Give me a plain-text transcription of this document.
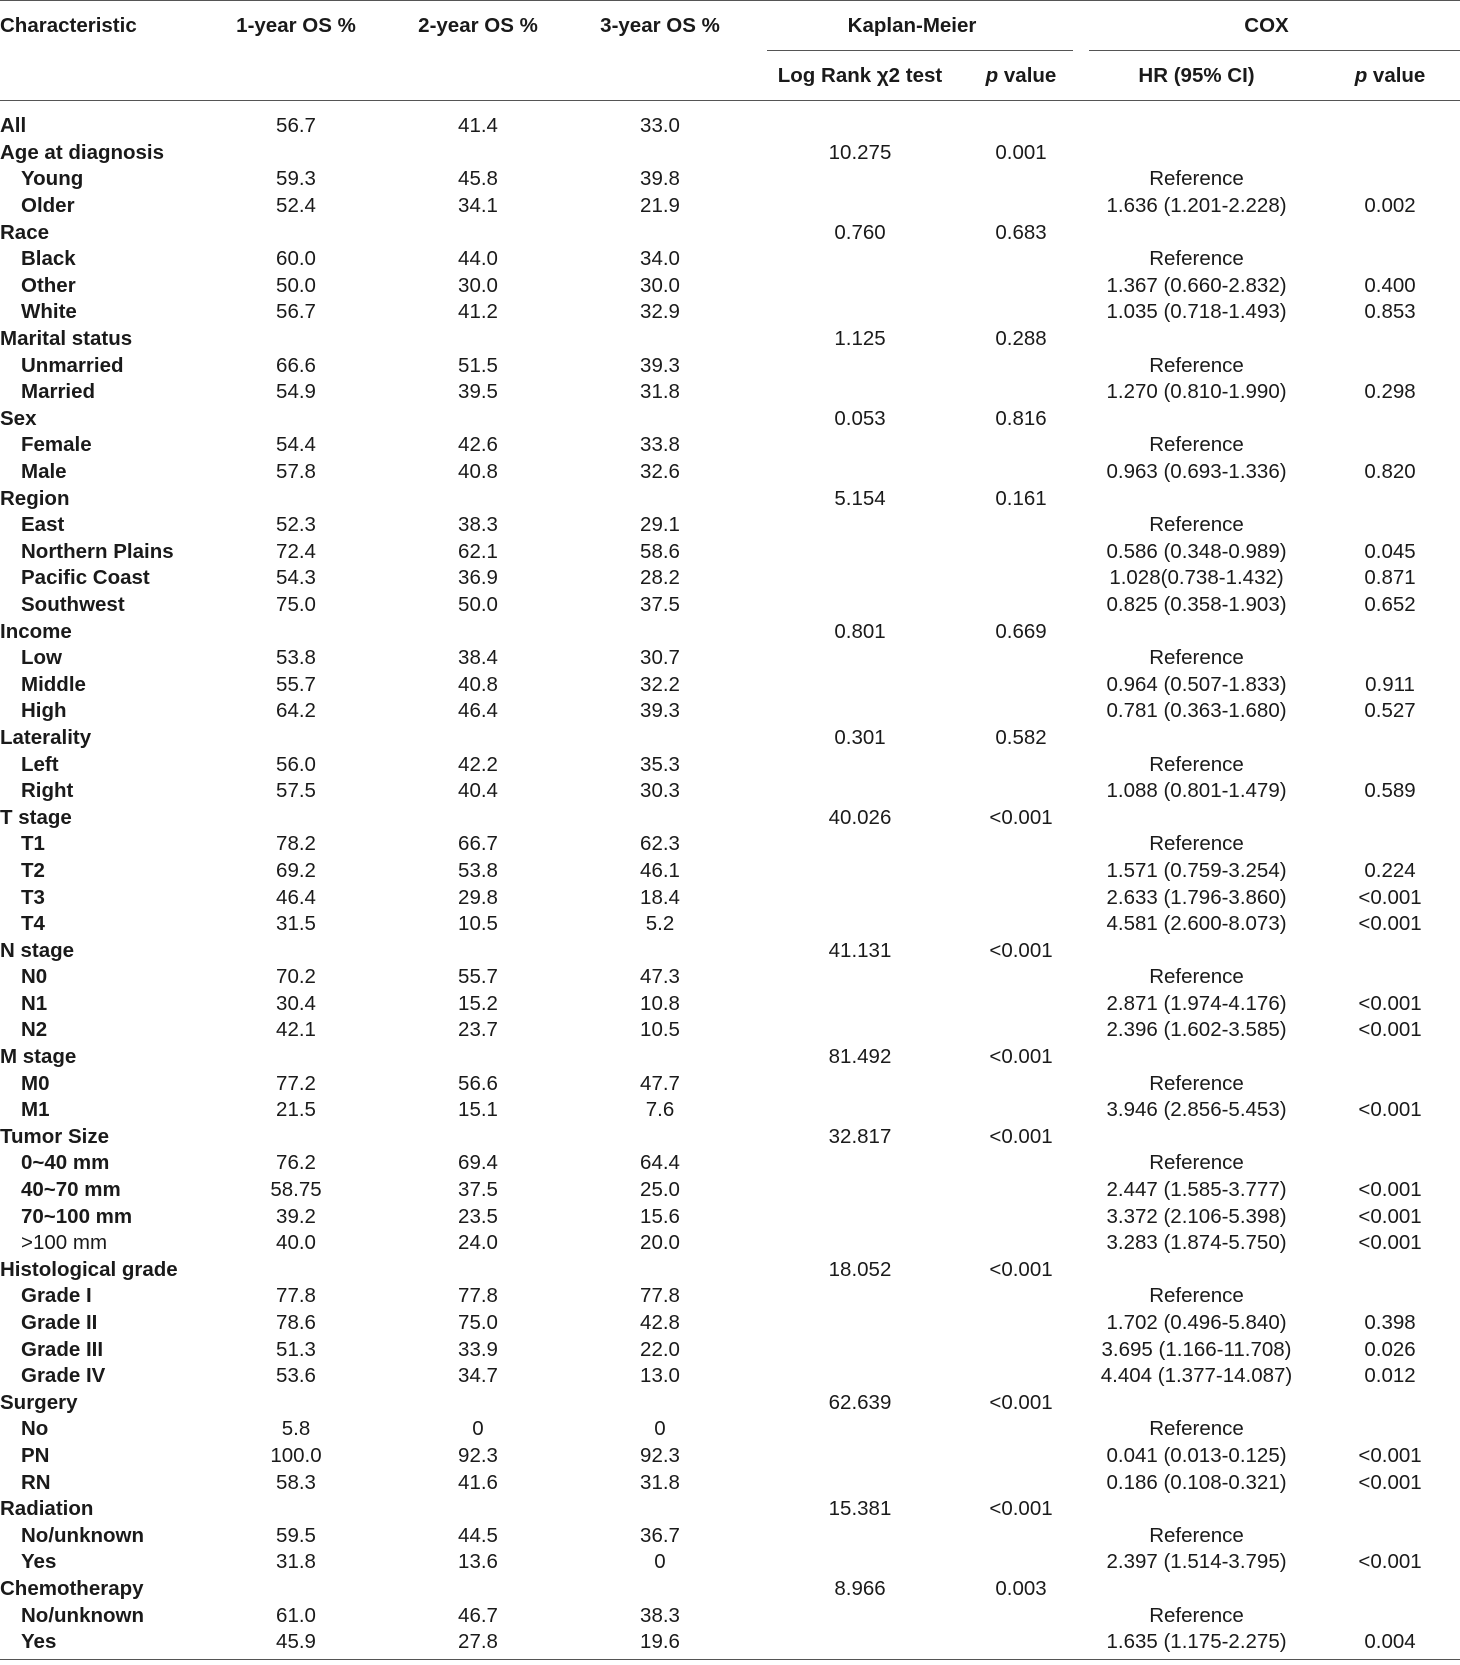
Characteristic	1-year OS %	2-year OS %	3-year OS %	Kaplan-Meier		COX	
				Log Rank χ2 test	p value	HR (95% CI)	p value
All	56.7	41.4	33.0				
Age at diagnosis				10.275	0.001		
Young	59.3	45.8	39.8			Reference	
Older	52.4	34.1	21.9			1.636 (1.201-2.228)	0.002
Race				0.760	0.683		
Black	60.0	44.0	34.0			Reference	
Other	50.0	30.0	30.0			1.367 (0.660-2.832)	0.400
White	56.7	41.2	32.9			1.035 (0.718-1.493)	0.853
Marital status				1.125	0.288		
Unmarried	66.6	51.5	39.3			Reference	
Married	54.9	39.5	31.8			1.270 (0.810-1.990)	0.298
Sex				0.053	0.816		
Female	54.4	42.6	33.8			Reference	
Male	57.8	40.8	32.6			0.963 (0.693-1.336)	0.820
Region				5.154	0.161		
East	52.3	38.3	29.1			Reference	
Northern Plains	72.4	62.1	58.6			0.586 (0.348-0.989)	0.045
Pacific Coast	54.3	36.9	28.2			1.028(0.738-1.432)	0.871
Southwest	75.0	50.0	37.5			0.825 (0.358-1.903)	0.652
Income				0.801	0.669		
Low	53.8	38.4	30.7			Reference	
Middle	55.7	40.8	32.2			0.964 (0.507-1.833)	0.911
High	64.2	46.4	39.3			0.781 (0.363-1.680)	0.527
Laterality				0.301	0.582		
Left	56.0	42.2	35.3			Reference	
Right	57.5	40.4	30.3			1.088 (0.801-1.479)	0.589
T stage				40.026	<0.001		
T1	78.2	66.7	62.3			Reference	
T2	69.2	53.8	46.1			1.571 (0.759-3.254)	0.224
T3	46.4	29.8	18.4			2.633 (1.796-3.860)	<0.001
T4	31.5	10.5	5.2			4.581 (2.600-8.073)	<0.001
N stage				41.131	<0.001		
N0	70.2	55.7	47.3			Reference	
N1	30.4	15.2	10.8			2.871 (1.974-4.176)	<0.001
N2	42.1	23.7	10.5			2.396 (1.602-3.585)	<0.001
M stage				81.492	<0.001		
M0	77.2	56.6	47.7			Reference	
M1	21.5	15.1	7.6			3.946 (2.856-5.453)	<0.001
Tumor Size				32.817	<0.001		
0~40 mm	76.2	69.4	64.4			Reference	
40~70 mm	58.75	37.5	25.0			2.447 (1.585-3.777)	<0.001
70~100 mm	39.2	23.5	15.6			3.372 (2.106-5.398)	<0.001
>100 mm	40.0	24.0	20.0			3.283 (1.874-5.750)	<0.001
Histological grade				18.052	<0.001		
Grade I	77.8	77.8	77.8			Reference	
Grade II	78.6	75.0	42.8			1.702 (0.496-5.840)	0.398
Grade III	51.3	33.9	22.0			3.695 (1.166-11.708)	0.026
Grade IV	53.6	34.7	13.0			4.404 (1.377-14.087)	0.012
Surgery				62.639	<0.001		
No	5.8	0	0			Reference	
PN	100.0	92.3	92.3			0.041 (0.013-0.125)	<0.001
RN	58.3	41.6	31.8			0.186 (0.108-0.321)	<0.001
Radiation				15.381	<0.001		
No/unknown	59.5	44.5	36.7			Reference	
Yes	31.8	13.6	0			2.397 (1.514-3.795)	<0.001
Chemotherapy				8.966	0.003		
No/unknown	61.0	46.7	38.3			Reference	
Yes	45.9	27.8	19.6			1.635 (1.175-2.275)	0.004
